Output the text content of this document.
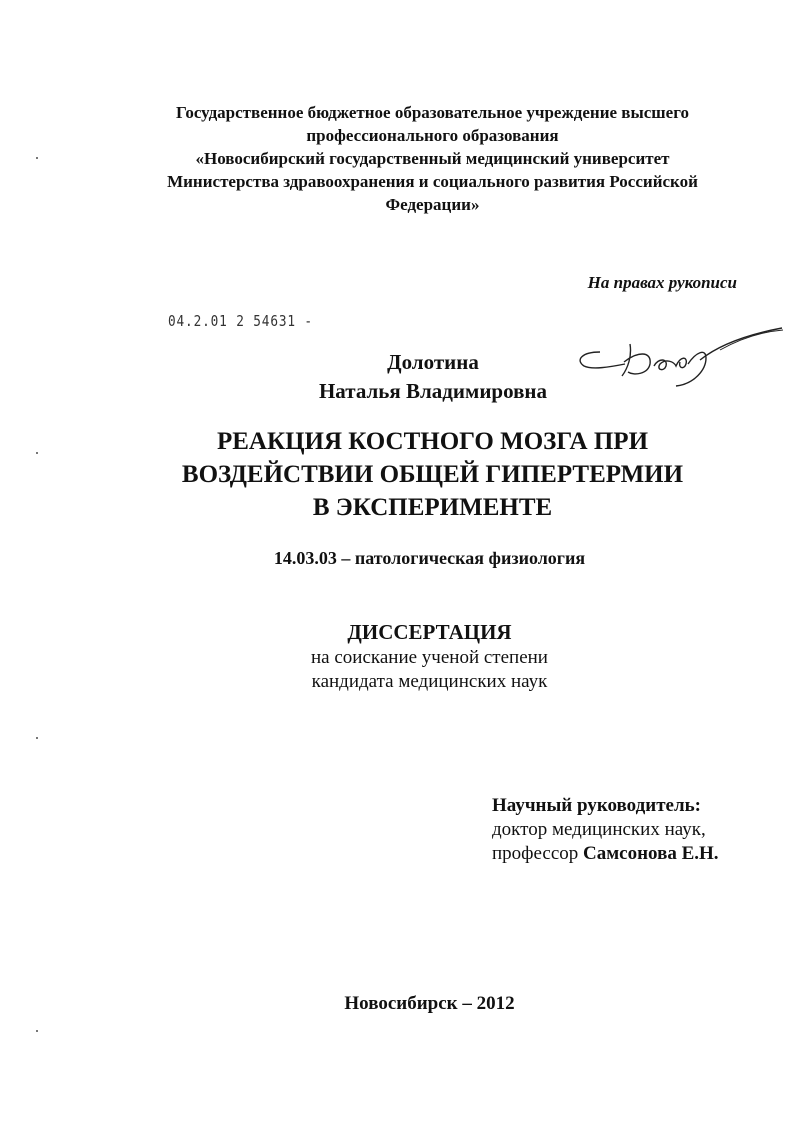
Государственное бюджетное образовательное учреждение высшего
профессионального образования
«Новосибирский государственный медицинский университет
Министерства здравоохранения и социального развития Российской
Федерации»
На правах рукописи
04.2.01 2 54631 -
Долотина
Наталья Владимировна
РЕАКЦИЯ КОСТНОГО МОЗГА ПРИ
ВОЗДЕЙСТВИИ ОБЩЕЙ ГИПЕРТЕРМИИ
В ЭКСПЕРИМЕНТЕ
14.03.03 – патологическая физиология
ДИССЕРТАЦИЯ
на соискание ученой степени
кандидата медицинских наук
Научный руководитель:
доктор медицинских наук,
профессор Самсонова Е.Н.
Новосибирск – 2012
